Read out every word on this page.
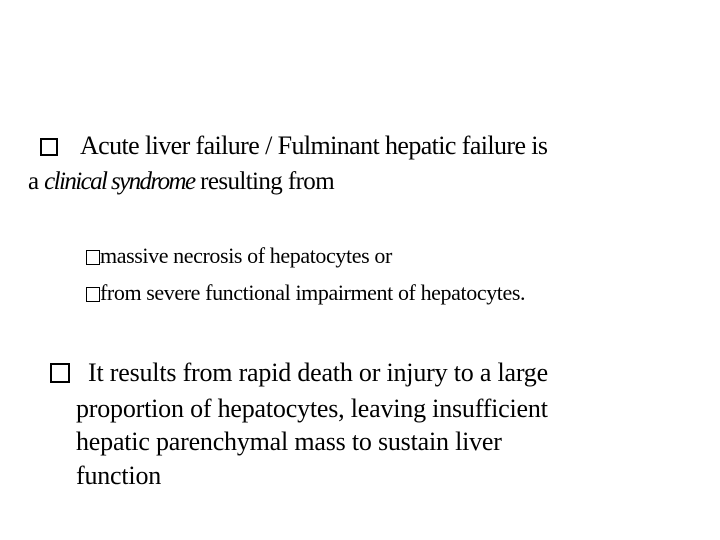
Acute liver failure / Fulminant hepatic failure is
a clinical syndrome resulting from
massive necrosis of hepatocytes or
from severe functional impairment of hepatocytes.
It results from rapid death or injury to a large
proportion of hepatocytes, leaving insufficient
hepatic parenchymal mass to sustain liver
function
